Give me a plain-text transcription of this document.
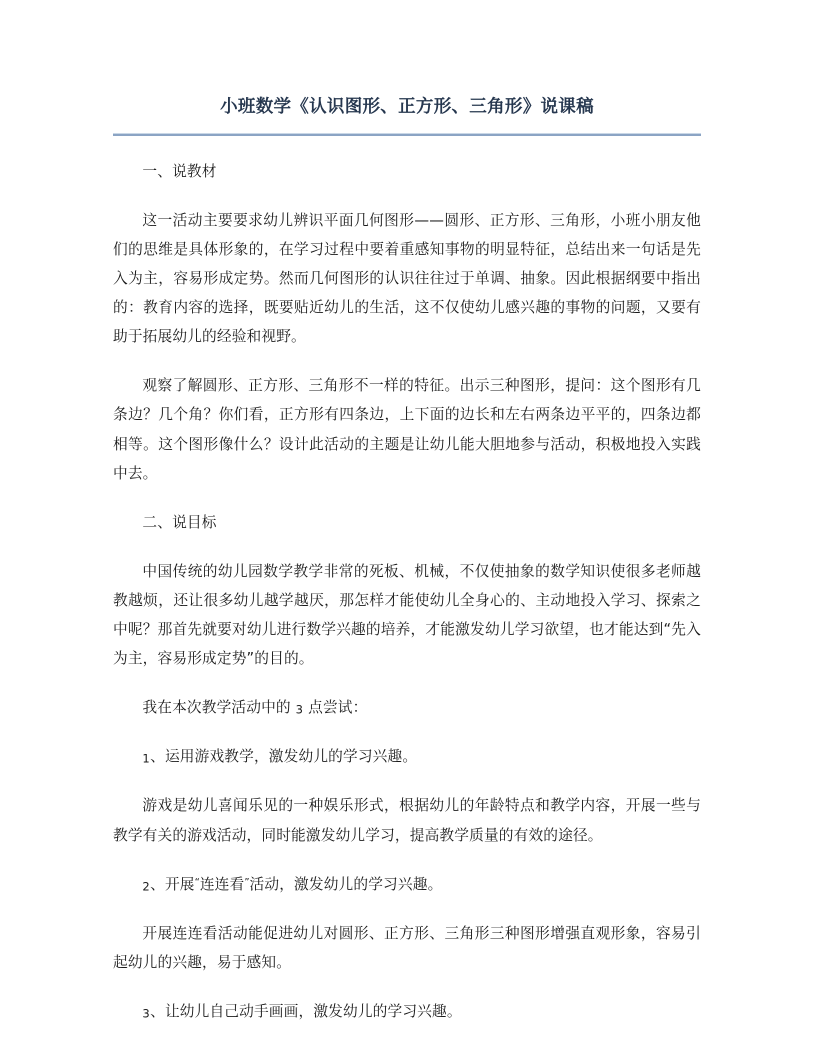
小班数学《认识图形、正方形、三角形》说课稿

一、说教材

这一活动主要要求幼儿辨识平面几何图形——圆形、正方形、三角形，小班小朋友他们的思维是具体形象的，在学习过程中要着重感知事物的明显特征，总结出来一句话是先入为主，容易形成定势。然而几何图形的认识往往过于单调、抽象。因此根据纲要中指出的：教育内容的选择，既要贴近幼儿的生活，这不仅使幼儿感兴趣的事物的问题，又要有助于拓展幼儿的经验和视野。

观察了解圆形、正方形、三角形不一样的特征。出示三种图形，提问：这个图形有几条边？几个角？你们看，正方形有四条边，上下面的边长和左右两条边平平的，四条边都相等。这个图形像什么？设计此活动的主题是让幼儿能大胆地参与活动，积极地投入实践中去。

二、说目标

中国传统的幼儿园数学教学非常的死板、机械，不仅使抽象的数学知识使很多老师越教越烦，还让很多幼儿越学越厌，那怎样才能使幼儿全身心的、主动地投入学习、探索之中呢？那首先就要对幼儿进行数学兴趣的培养，才能激发幼儿学习欲望，也才能达到“先入为主，容易形成定势”的目的。

我在本次教学活动中的 3 点尝试：

1、运用游戏教学，激发幼儿的学习兴趣。

游戏是幼儿喜闻乐见的一种娱乐形式，根据幼儿的年龄特点和教学内容，开展一些与教学有关的游戏活动，同时能激发幼儿学习，提高教学质量的有效的途径。

2、开展“连连看”活动，激发幼儿的学习兴趣。

开展连连看活动能促进幼儿对圆形、正方形、三角形三种图形增强直观形象，容易引起幼儿的兴趣，易于感知。

3、让幼儿自己动手画画，激发幼儿的学习兴趣。
